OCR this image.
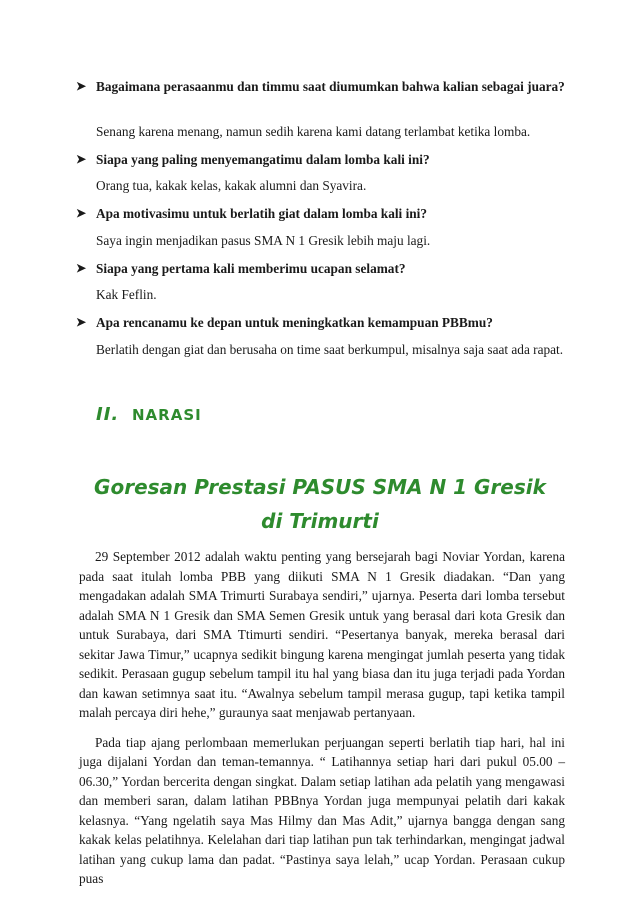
➤ Bagaimana perasaanmu dan timmu saat diumumkan bahwa kalian sebagai juara?
Senang karena menang, namun sedih karena kami datang terlambat ketika lomba.
➤ Siapa yang paling menyemangatimu dalam lomba kali ini?
Orang tua, kakak kelas, kakak alumni dan Syavira.
➤ Apa motivasimu untuk berlatih giat dalam lomba kali ini?
Saya ingin menjadikan pasus SMA N 1 Gresik lebih maju lagi.
➤ Siapa yang pertama kali memberimu ucapan selamat?
Kak Feflin.
➤ Apa rencanamu ke depan untuk meningkatkan kemampuan PBBmu?
Berlatih dengan giat dan berusaha on time saat berkumpul, misalnya saja saat ada rapat.
II. NARASI
Goresan Prestasi PASUS SMA N 1 Gresik di Trimurti

29 September 2012 adalah waktu penting yang bersejarah bagi Noviar Yordan, karena pada saat itulah lomba PBB yang diikuti SMA N 1 Gresik diadakan. “Dan yang mengadakan adalah SMA Trimurti Surabaya sendiri,” ujarnya. Peserta dari lomba tersebut adalah SMA N 1 Gresik dan SMA Semen Gresik untuk yang berasal dari kota Gresik dan untuk Surabaya, dari SMA Ttimurti sendiri. “Pesertanya banyak, mereka berasal dari sekitar Jawa Timur,” ucapnya sedikit bingung karena mengingat jumlah peserta yang tidak sedikit. Perasaan gugup sebelum tampil itu hal yang biasa dan itu juga terjadi pada Yordan dan kawan setimnya saat itu. “Awalnya sebelum tampil merasa gugup, tapi ketika tampil malah percaya diri hehe,” guraunya saat menjawab pertanyaan.

Pada tiap ajang perlombaan memerlukan perjuangan seperti berlatih tiap hari, hal ini juga dijalani Yordan dan teman-temannya. “ Latihannya setiap hari dari pukul 05.00 – 06.30,” Yordan bercerita dengan singkat. Dalam setiap latihan ada pelatih yang mengawasi dan memberi saran, dalam latihan PBBnya Yordan juga mempunyai pelatih dari kakak kelasnya. “Yang ngelatih saya Mas Hilmy dan Mas Adit,” ujarnya bangga dengan sang kakak kelas pelatihnya. Kelelahan dari tiap latihan pun tak terhindarkan, mengingat jadwal latihan yang cukup lama dan padat. “Pastinya saya lelah,” ucap Yordan. Perasaan cukup puas
